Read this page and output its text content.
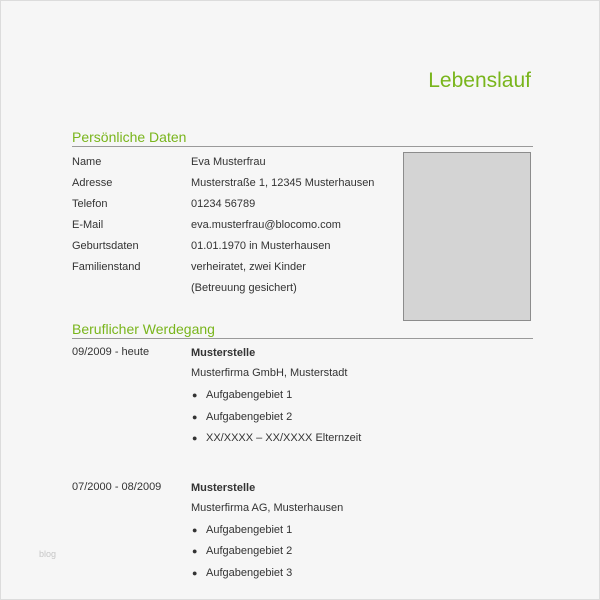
Lebenslauf
Persönliche Daten
Name	Eva Musterfrau
Adresse	Musterstraße 1, 12345 Musterhausen
Telefon	01234 56789
E-Mail	eva.musterfrau@blocomo.com
Geburtsdaten	01.01.1970 in Musterhausen
Familienstand	verheiratet, zwei Kinder
(Betreuung gesichert)
Beruflicher Werdegang
09/2009 - heute	Musterstelle
Musterfirma GmbH, Musterstadt
● Aufgabengebiet 1
● Aufgabengebiet 2
● XX/XXXX – XX/XXXX Elternzeit
07/2000 - 08/2009	Musterstelle
Musterfirma AG, Musterhausen
● Aufgabengebiet 1
● Aufgabengebiet 2
● Aufgabengebiet 3
blog
